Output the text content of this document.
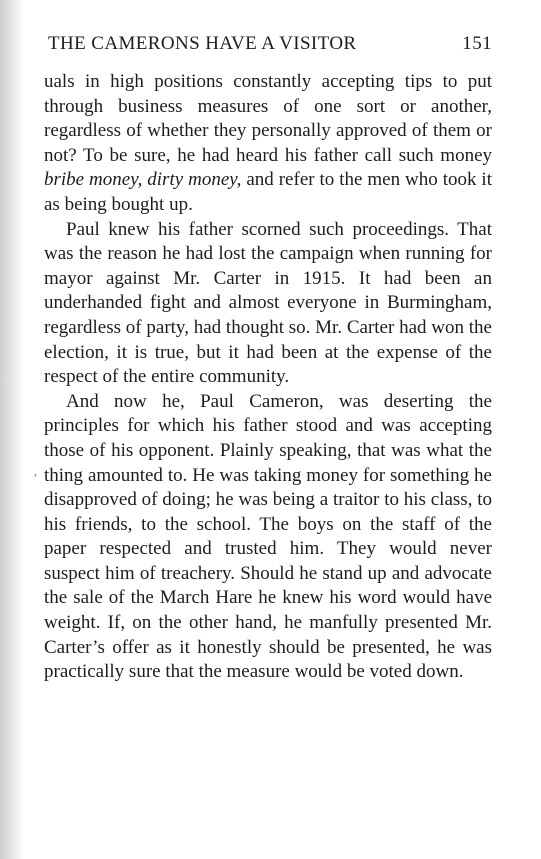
THE CAMERONS HAVE A VISITOR	151
,

uals in high positions constantly accepting tips to put through business measures of one sort or another, regardless of whether they personally approved of them or not? To be sure, he had heard his father call such money bribe money, dirty money, and refer to the men who took it as being bought up.

Paul knew his father scorned such proceedings. That was the reason he had lost the campaign when running for mayor against Mr. Carter in 1915. It had been an underhanded fight and almost everyone in Burmingham, regardless of party, had thought so. Mr. Carter had won the election, it is true, but it had been at the expense of the respect of the entire community.

And now he, Paul Cameron, was deserting the principles for which his father stood and was accepting those of his opponent. Plainly speaking, that was what the thing amounted to. He was taking money for something he disapproved of doing; he was being a traitor to his class, to his friends, to the school. The boys on the staff of the paper respected and trusted him. They would never suspect him of treachery. Should he stand up and advocate the sale of the March Hare he knew his word would have weight. If, on the other hand, he manfully presented Mr. Carter’s offer as it honestly should be presented, he was practically sure that the measure would be voted down.
